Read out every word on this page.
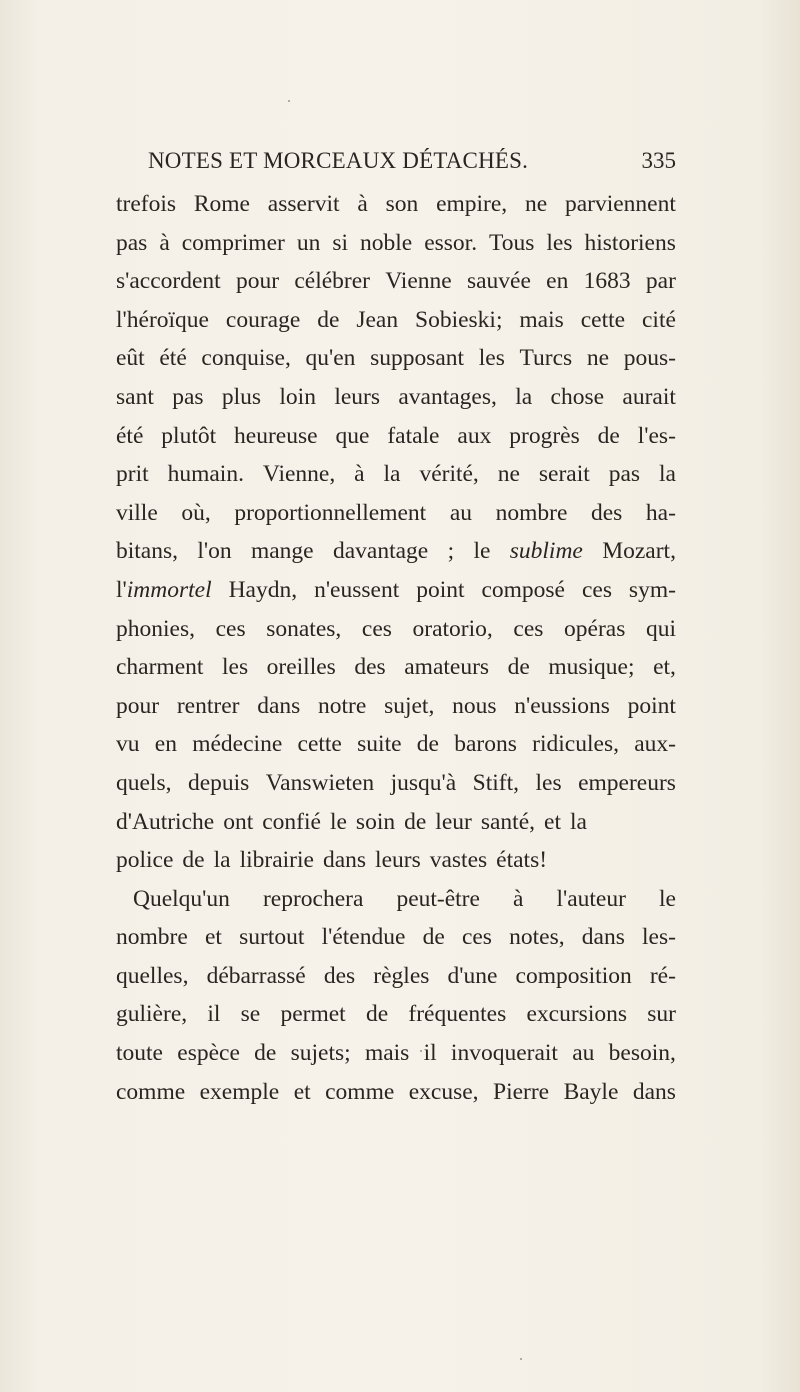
NOTES ET MORCEAUX DÉTACHÉS.	335
trefois Rome asservit à son empire, ne parviennent
pas à comprimer un si noble essor. Tous les historiens
s'accordent pour célébrer Vienne sauvée en 1683 par
l'héroïque courage de Jean Sobieski; mais cette cité
eût été conquise, qu'en supposant les Turcs ne pous-
sant pas plus loin leurs avantages, la chose aurait
été plutôt heureuse que fatale aux progrès de l'es-
prit humain. Vienne, à la vérité, ne serait pas la
ville où, proportionnellement au nombre des ha-
bitans, l'on mange davantage ; le sublime Mozart,
l'immortel Haydn, n'eussent point composé ces sym-
phonies, ces sonates, ces oratorio, ces opéras qui
charment les oreilles des amateurs de musique; et,
pour rentrer dans notre sujet, nous n'eussions point
vu en médecine cette suite de barons ridicules, aux-
quels, depuis Vanswieten jusqu'à Stift, les empereurs
d'Autriche ont confié le soin de leur santé, et la
police de la librairie dans leurs vastes états!
Quelqu'un reprochera peut-être à l'auteur le
nombre et surtout l'étendue de ces notes, dans les-
quelles, débarrassé des règles d'une composition ré-
gulière, il se permet de fréquentes excursions sur
toute espèce de sujets; mais il invoquerait au besoin,
comme exemple et comme excuse, Pierre Bayle dans
